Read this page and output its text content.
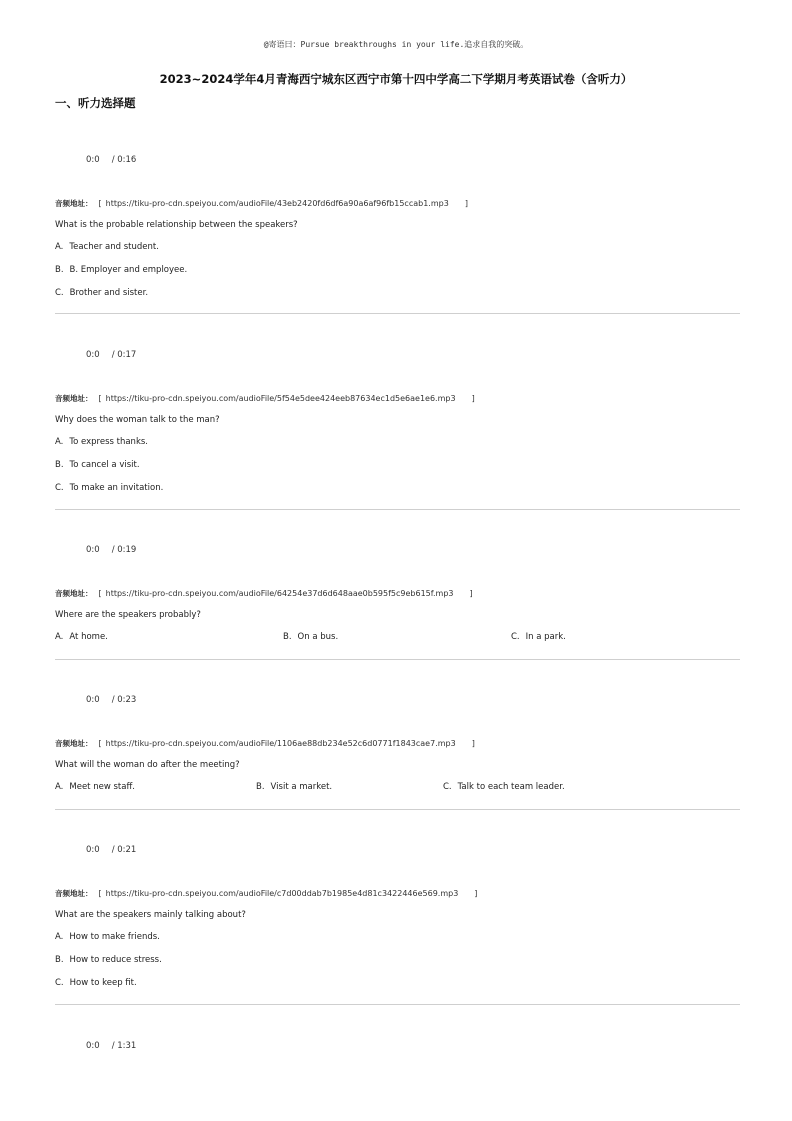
@寄语曰：Pursue breakthroughs in your life.追求自我的突破。
2023~2024学年4月青海西宁城东区西宁市第十四中学高二下学期月考英语试卷（含听力）
一、听力选择题
0:0 / 0:16
音频地址： [ https://tiku-pro-cdn.speiyou.com/audioFile/43eb2420fd6df6a90a6af96fb15ccab1.mp3 ]
What is the probable relationship between the speakers?
A. Teacher and student.
B. B. Employer and employee.
C. Brother and sister.
0:0 / 0:17
音频地址： [ https://tiku-pro-cdn.speiyou.com/audioFile/5f54e5dee424eeb87634ec1d5e6ae1e6.mp3 ]
Why does the woman talk to the man?
A. To express thanks.
B. To cancel a visit.
C. To make an invitation.
0:0 / 0:19
音频地址： [ https://tiku-pro-cdn.speiyou.com/audioFile/64254e37d6d648aae0b595f5c9eb615f.mp3 ]
Where are the speakers probably?
A. At home.	B. On a bus.	C. In a park.
0:0 / 0:23
音频地址： [ https://tiku-pro-cdn.speiyou.com/audioFile/1106ae88db234e52c6d0771f1843cae7.mp3 ]
What will the woman do after the meeting?
A. Meet new staff.	B. Visit a market.	C. Talk to each team leader.
0:0 / 0:21
音频地址： [ https://tiku-pro-cdn.speiyou.com/audioFile/c7d00ddab7b1985e4d81c3422446e569.mp3 ]
What are the speakers mainly talking about?
A. How to make friends.
B. How to reduce stress.
C. How to keep fit.
0:0 / 1:31
